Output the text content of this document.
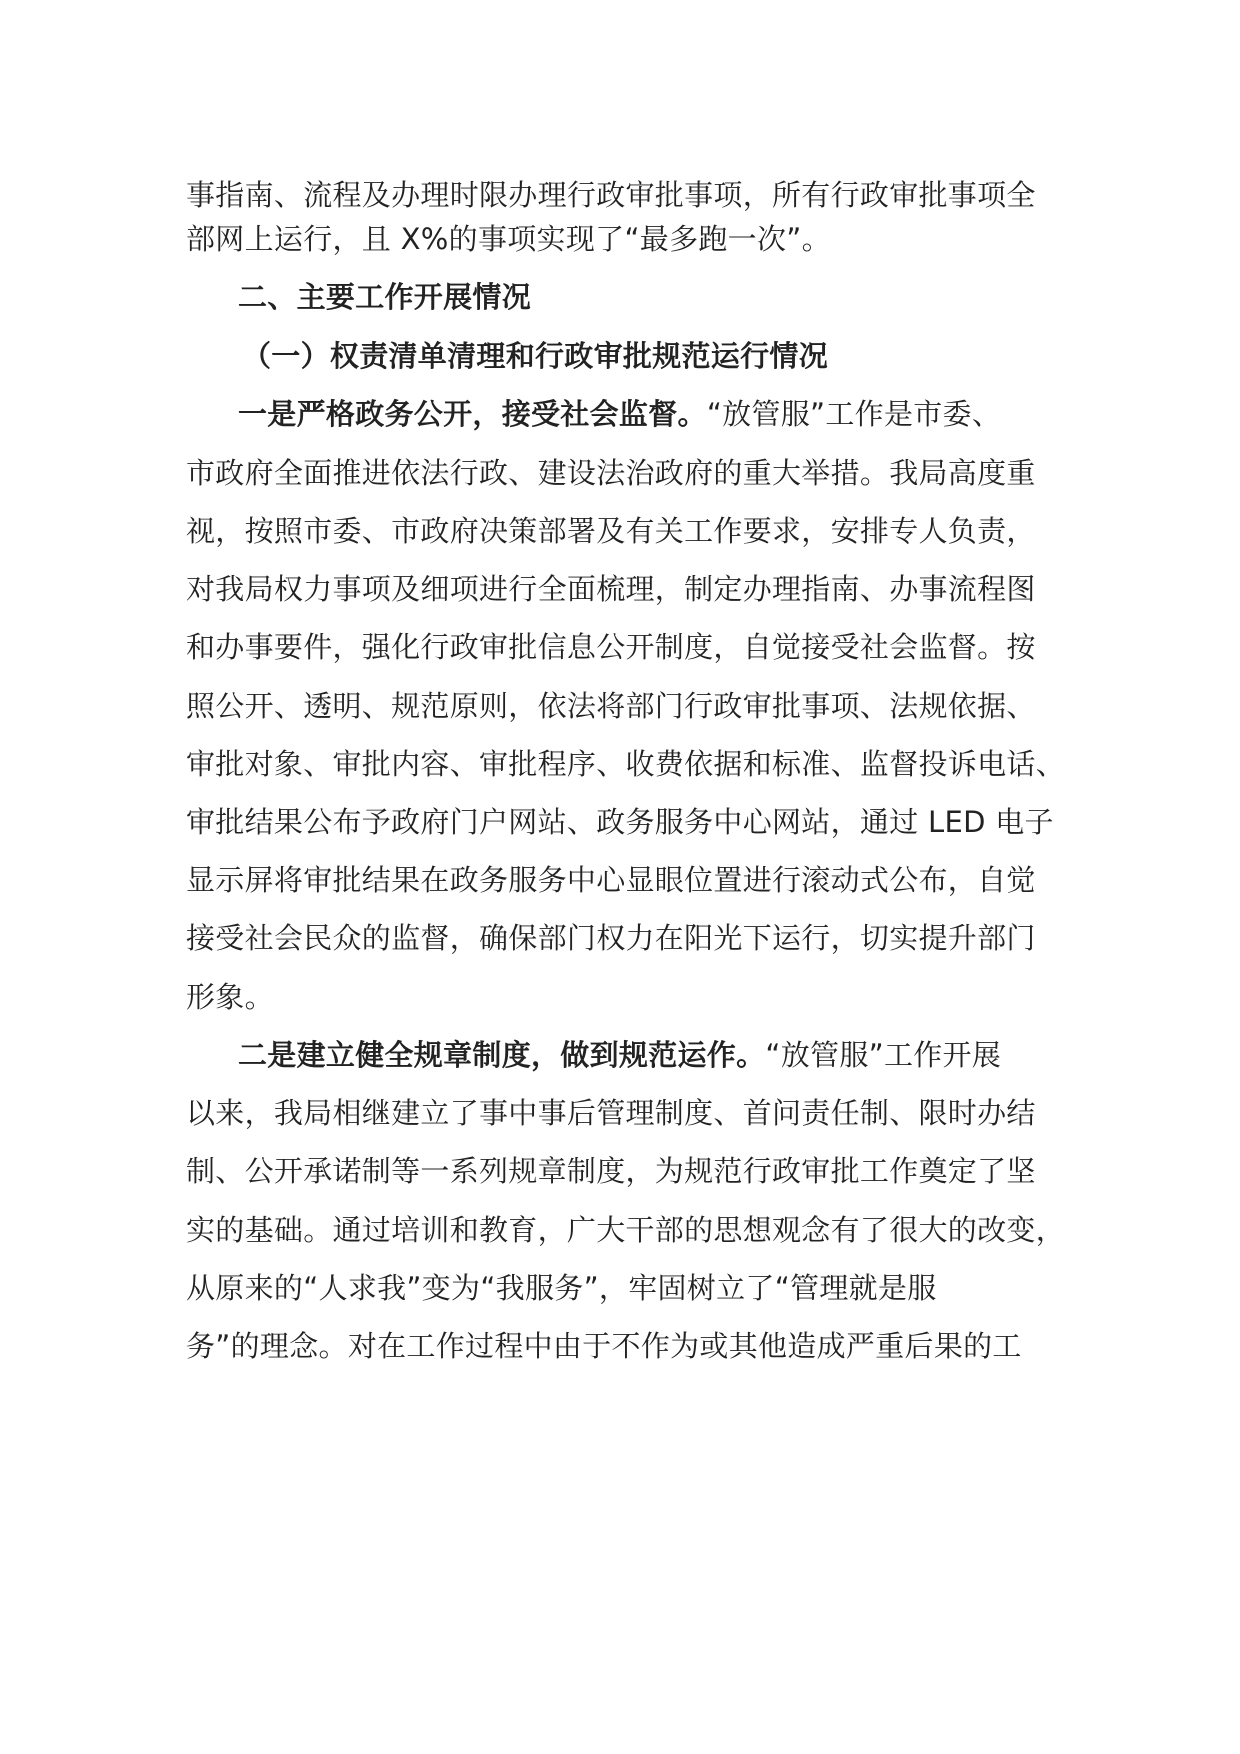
事指南、流程及办理时限办理行政审批事项，所有行政审批事项全
部网上运行，且 X%的事项实现了“最多跑一次”。
二、主要工作开展情况
（一）权责清单清理和行政审批规范运行情况
一是严格政务公开，接受社会监督。“放管服”工作是市委、
市政府全面推进依法行政、建设法治政府的重大举措。我局高度重
视，按照市委、市政府决策部署及有关工作要求，安排专人负责，
对我局权力事项及细项进行全面梳理，制定办理指南、办事流程图
和办事要件，强化行政审批信息公开制度，自觉接受社会监督。按
照公开、透明、规范原则，依法将部门行政审批事项、法规依据、
审批对象、审批内容、审批程序、收费依据和标准、监督投诉电话、
审批结果公布予政府门户网站、政务服务中心网站，通过 LED 电子
显示屏将审批结果在政务服务中心显眼位置进行滚动式公布，自觉
接受社会民众的监督，确保部门权力在阳光下运行，切实提升部门
形象。
二是建立健全规章制度，做到规范运作。“放管服”工作开展
以来，我局相继建立了事中事后管理制度、首问责任制、限时办结
制、公开承诺制等一系列规章制度，为规范行政审批工作奠定了坚
实的基础。通过培训和教育，广大干部的思想观念有了很大的改变，
从原来的“人求我”变为“我服务”，牢固树立了“管理就是服
务”的理念。对在工作过程中由于不作为或其他造成严重后果的工
